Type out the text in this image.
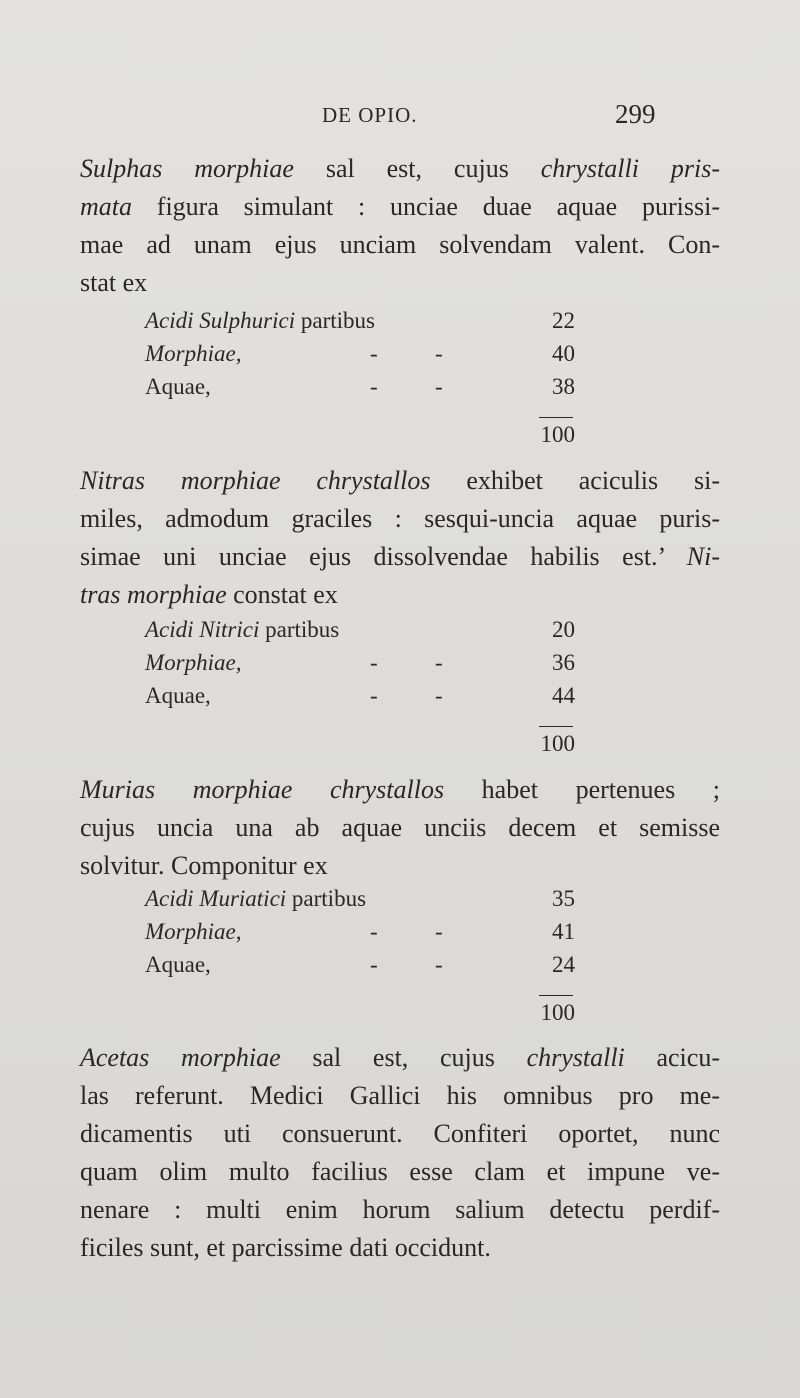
DE OPIO.	299
Sulphas morphiae sal est, cujus chrystalli pris-
mata figura simulant : unciae duae aquae purissi-
mae ad unam ejus unciam solvendam valent. Con-
stat ex
Acidi Sulphurici partibus	22
Morphiae,	- -	40
Aquae,	- -	38
100
Nitras morphiae chrystallos exhibet aciculis si-
miles, admodum graciles : sesqui-uncia aquae puris-
simae uni unciae ejus dissolvendae habilis est.’ Ni-
tras morphiae constat ex
Acidi Nitrici partibus	20
Morphiae,	- -	36
Aquae,	- -	44
100
Murias morphiae chrystallos habet pertenues ;
cujus uncia una ab aquae unciis decem et semisse
solvitur. Componitur ex
Acidi Muriatici partibus	35
Morphiae,	- -	41
Aquae,	- -	24
100
Acetas morphiae sal est, cujus chrystalli acicu-
las referunt. Medici Gallici his omnibus pro me-
dicamentis uti consuerunt. Confiteri oportet, nunc
quam olim multo facilius esse clam et impune ve-
nenare : multi enim horum salium detectu perdif-
ficiles sunt, et parcissime dati occidunt.
